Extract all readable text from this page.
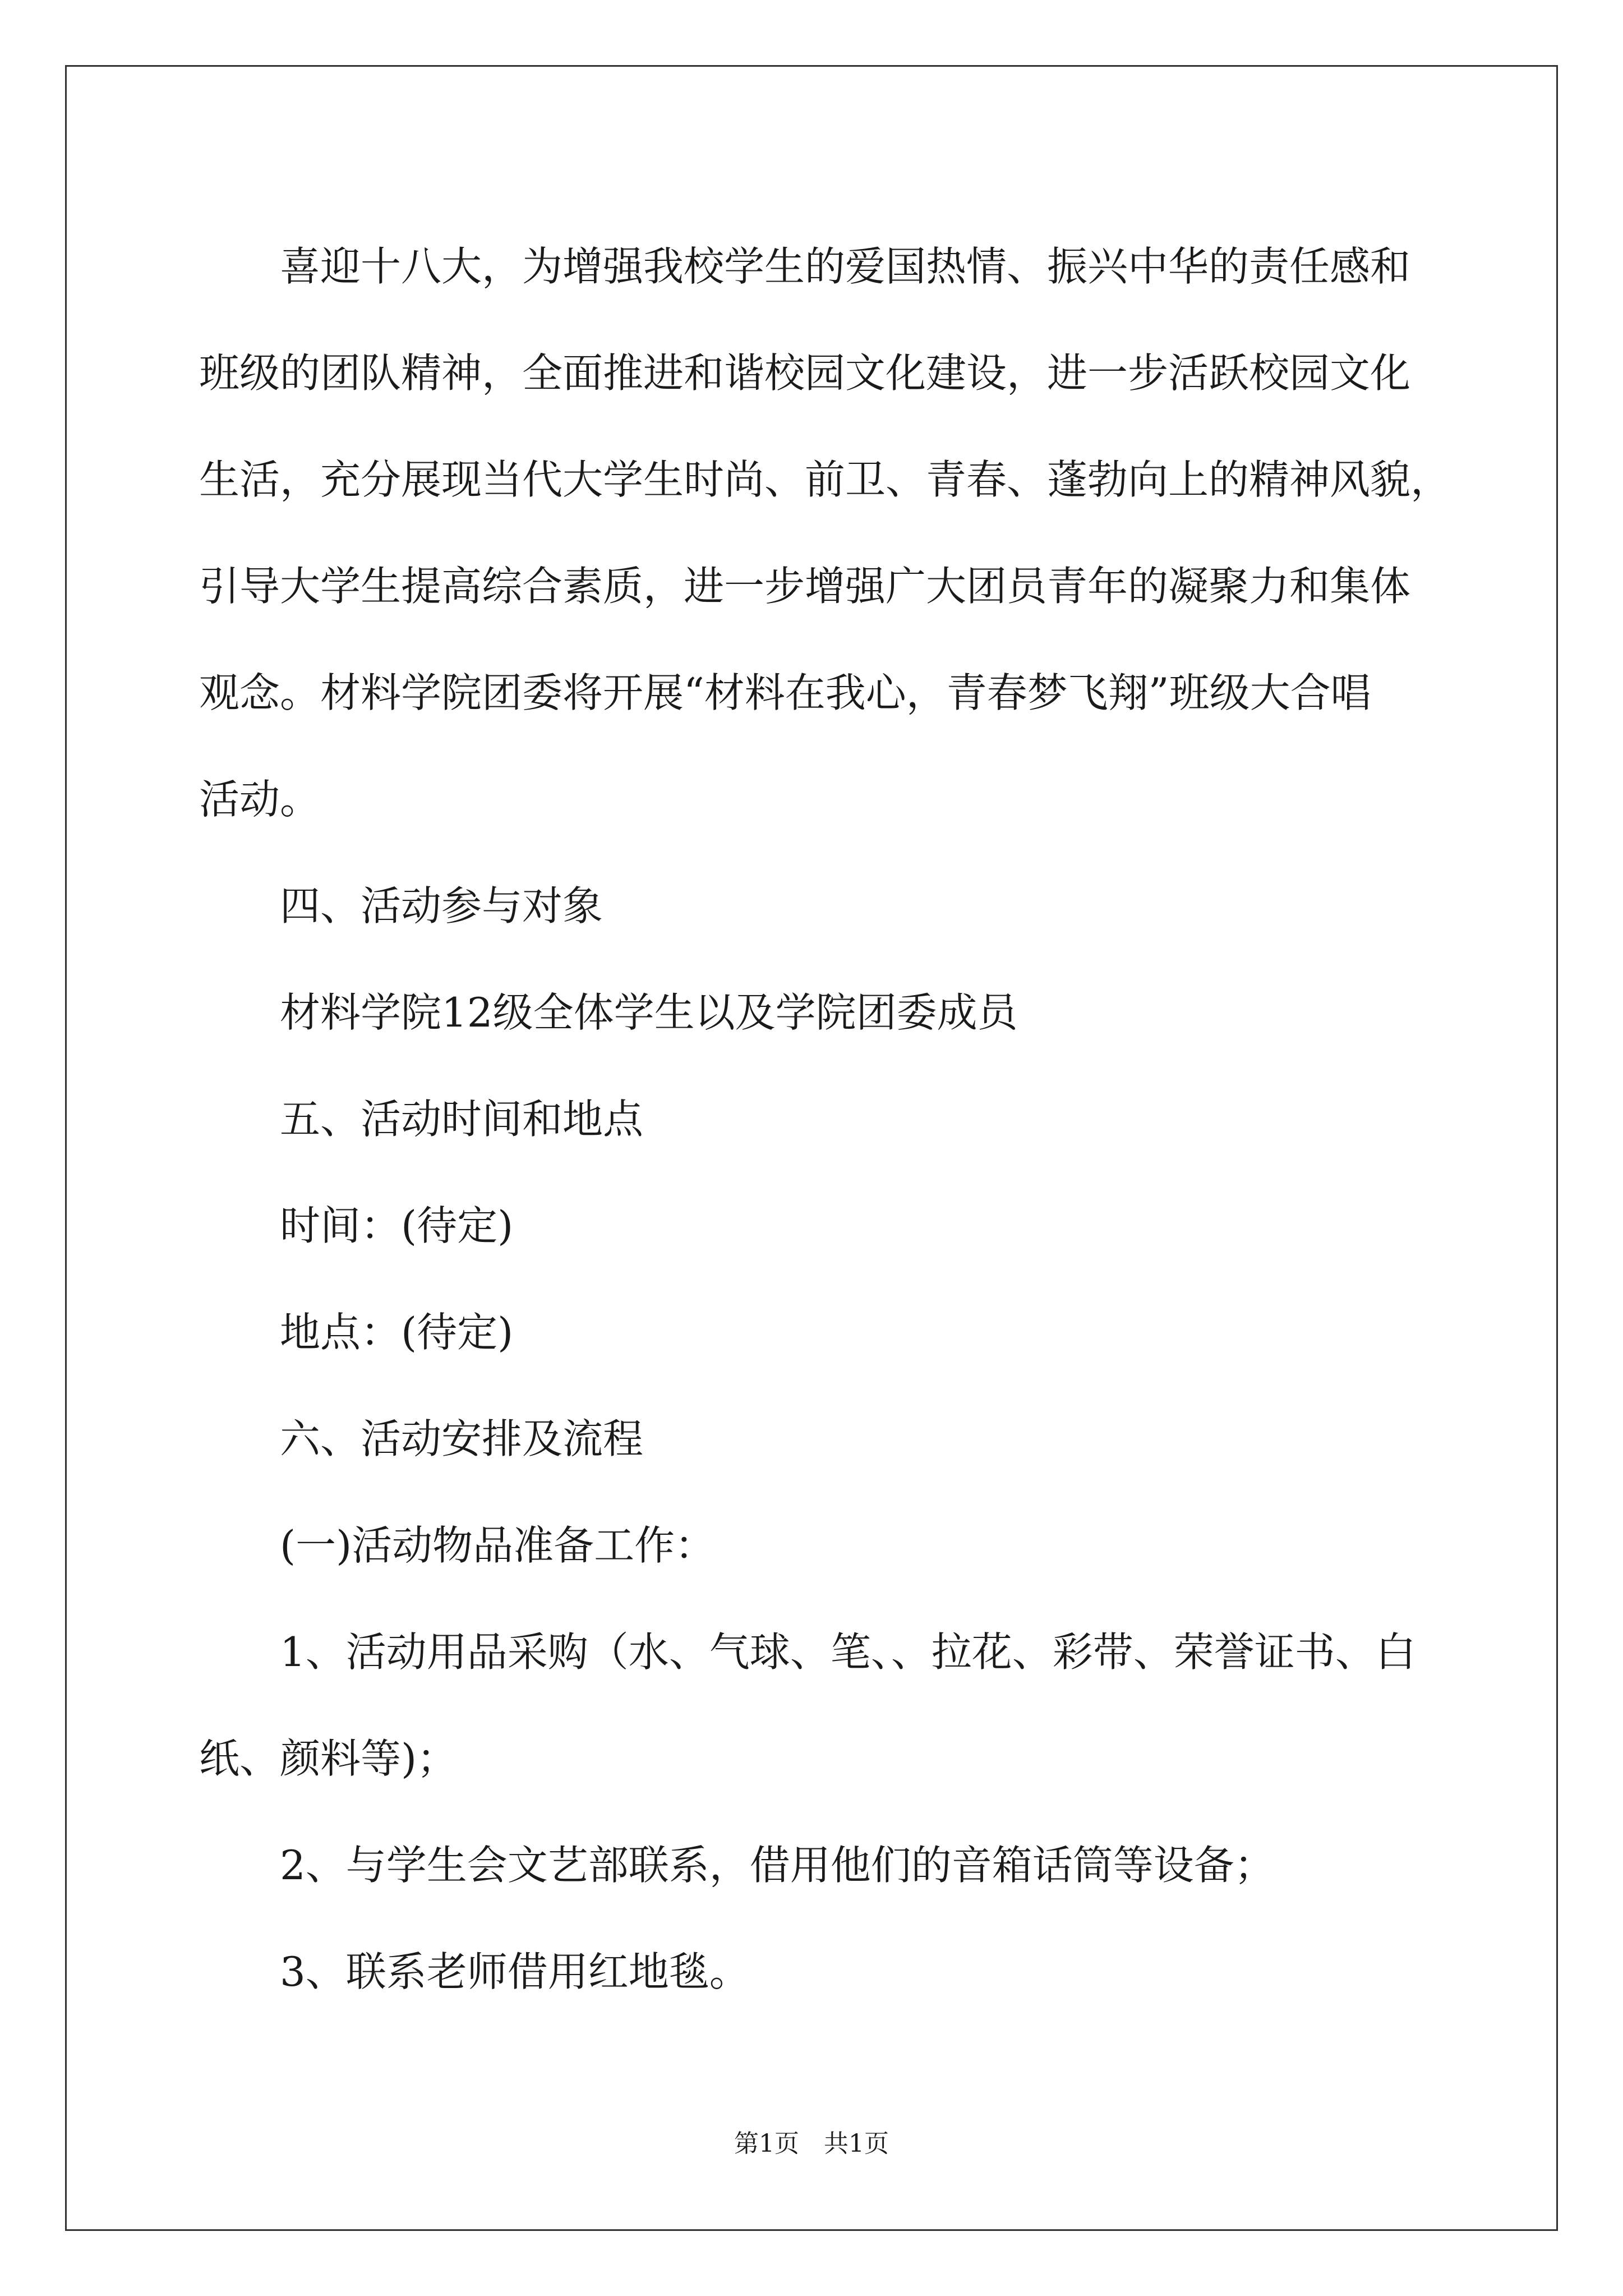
喜迎十八大，为增强我校学生的爱国热情、振兴中华的责任感和

班级的团队精神，全面推进和谐校园文化建设，进一步活跃校园文化

生活，充分展现当代大学生时尚、前卫、青春、蓬勃向上的精神风貌，

引导大学生提高综合素质，进一步增强广大团员青年的凝聚力和集体

观念。材料学院团委将开展“材料在我心，青春梦飞翔”班级大合唱

活动。

四、活动参与对象

材料学院12级全体学生以及学院团委成员

五、活动时间和地点

时间：(待定)

地点：(待定)

六、活动安排及流程

(一)活动物品准备工作：

1、活动用品采购（水、气球、笔、、拉花、彩带、荣誉证书、白

纸、颜料等)；

2、与学生会文艺部联系，借用他们的音箱话筒等设备；

3、联系老师借用红地毯。

第1页　共1页
